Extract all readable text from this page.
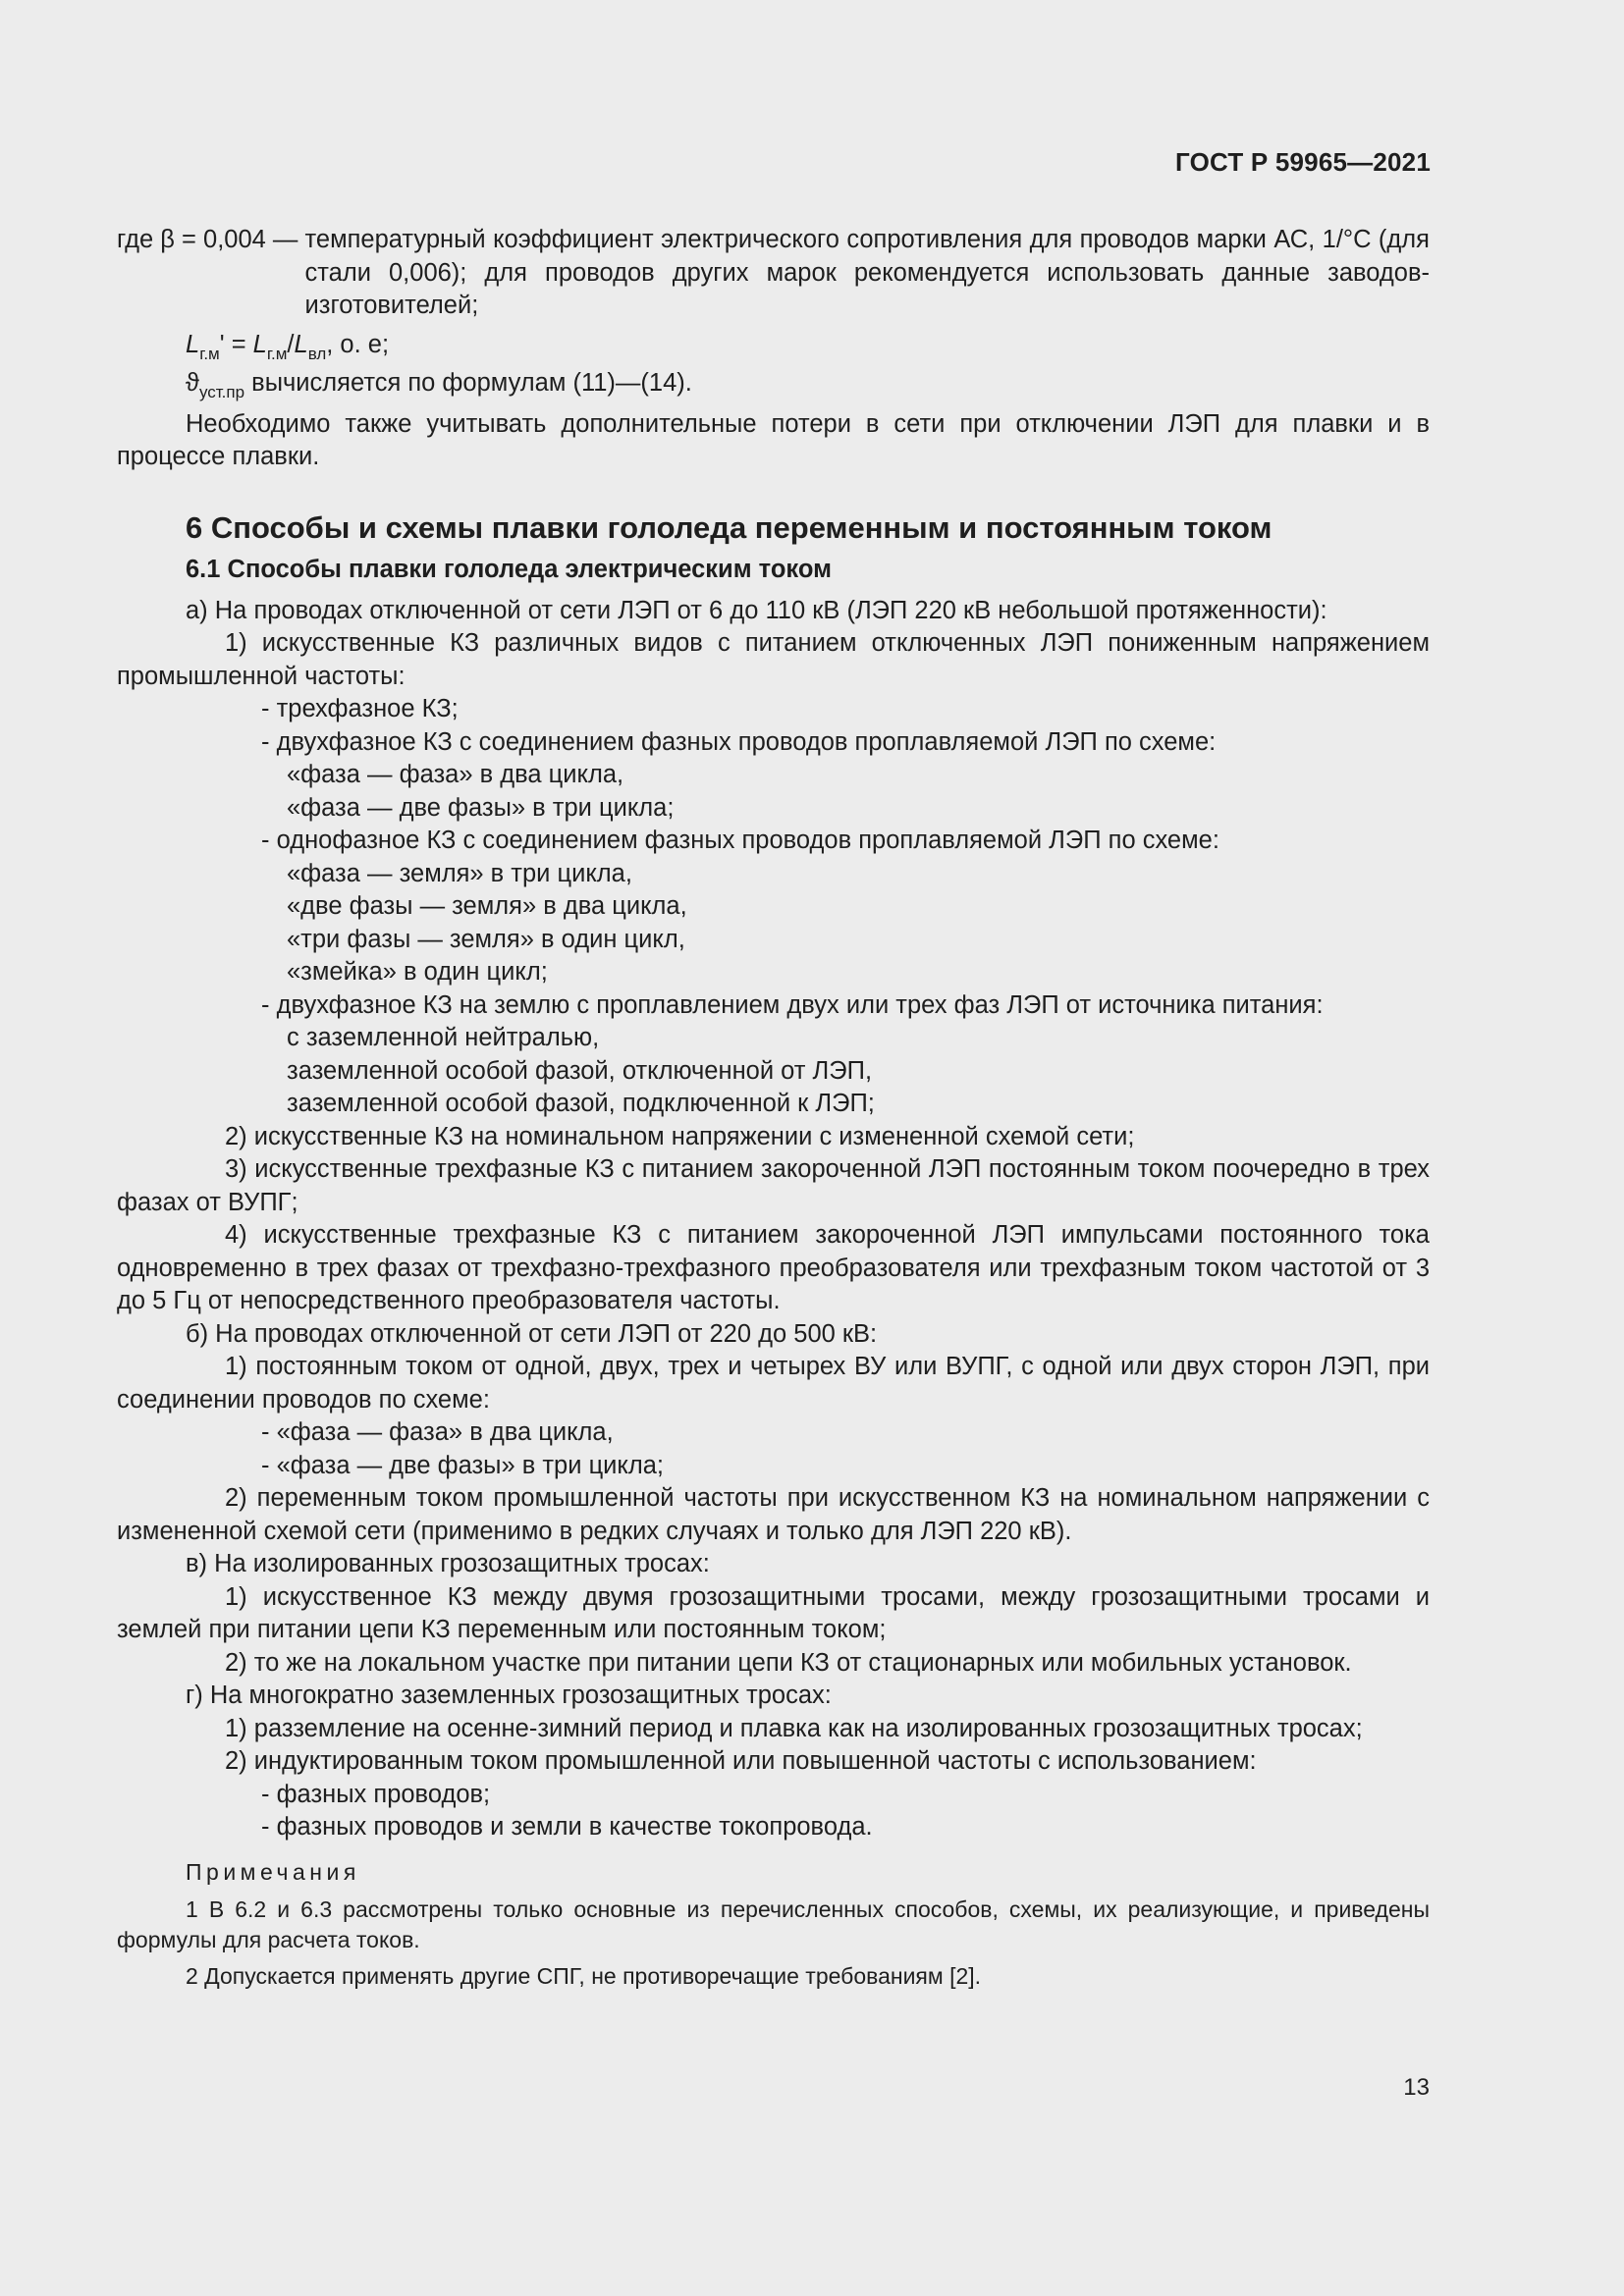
ГОСТ Р 59965—2021
где β = 0,004 — температурный коэффициент электрического сопротивления для проводов марки АС, 1/°С (для стали 0,006); для проводов других марок рекомендуется использовать данные заводов-изготовителей;

$L_{г.м}' = L_{г.м}/L_{вл}$, о. е;

$ϑ_{уст.пр}$ вычисляется по формулам (11)—(14).

Необходимо также учитывать дополнительные потери в сети при отключении ЛЭП для плавки и в процессе плавки.

6 Способы и схемы плавки гололеда переменным и постоянным током

6.1 Способы плавки гололеда электрическим током

а) На проводах отключенной от сети ЛЭП от 6 до 110 кВ (ЛЭП 220 кВ небольшой протяженности):

1) искусственные КЗ различных видов с питанием отключенных ЛЭП пониженным напряжением промышленной частоты:

- трехфазное КЗ;

- двухфазное КЗ с соединением фазных проводов проплавляемой ЛЭП по схеме:

«фаза — фаза» в два цикла,

«фаза — две фазы» в три цикла;

- однофазное КЗ с соединением фазных проводов проплавляемой ЛЭП по схеме:

«фаза — земля» в три цикла,

«две фазы — земля» в два цикла,

«три фазы — земля» в один цикл,

«змейка» в один цикл;

- двухфазное КЗ на землю с проплавлением двух или трех фаз ЛЭП от источника питания:

с заземленной нейтралью,

заземленной особой фазой, отключенной от ЛЭП,

заземленной особой фазой, подключенной к ЛЭП;

2) искусственные КЗ на номинальном напряжении с измененной схемой сети;

3) искусственные трехфазные КЗ с питанием закороченной ЛЭП постоянным током поочередно в трех фазах от ВУПГ;

4) искусственные трехфазные КЗ с питанием закороченной ЛЭП импульсами постоянного тока одновременно в трех фазах от трехфазно-трехфазного преобразователя или трехфазным током частотой от 3 до 5 Гц от непосредственного преобразователя частоты.

б) На проводах отключенной от сети ЛЭП от 220 до 500 кВ:

1) постоянным током от одной, двух, трех и четырех ВУ или ВУПГ, с одной или двух сторон ЛЭП, при соединении проводов по схеме:

- «фаза — фаза» в два цикла,

- «фаза — две фазы» в три цикла;

2) переменным током промышленной частоты при искусственном КЗ на номинальном напряжении с измененной схемой сети (применимо в редких случаях и только для ЛЭП 220 кВ).

в) На изолированных грозозащитных тросах:

1) искусственное КЗ между двумя грозозащитными тросами, между грозозащитными тросами и землей при питании цепи КЗ переменным или постоянным током;

2) то же на локальном участке при питании цепи КЗ от стационарных или мобильных установок.

г) На многократно заземленных грозозащитных тросах:

1) разземление на осенне-зимний период и плавка как на изолированных грозозащитных тросах;

2) индуктированным током промышленной или повышенной частоты с использованием:

- фазных проводов;

- фазных проводов и земли в качестве токопровода.

Примечания

1 В 6.2 и 6.3 рассмотрены только основные из перечисленных способов, схемы, их реализующие, и приведены формулы для расчета токов.

2 Допускается применять другие СПГ, не противоречащие требованиям [2].

13
